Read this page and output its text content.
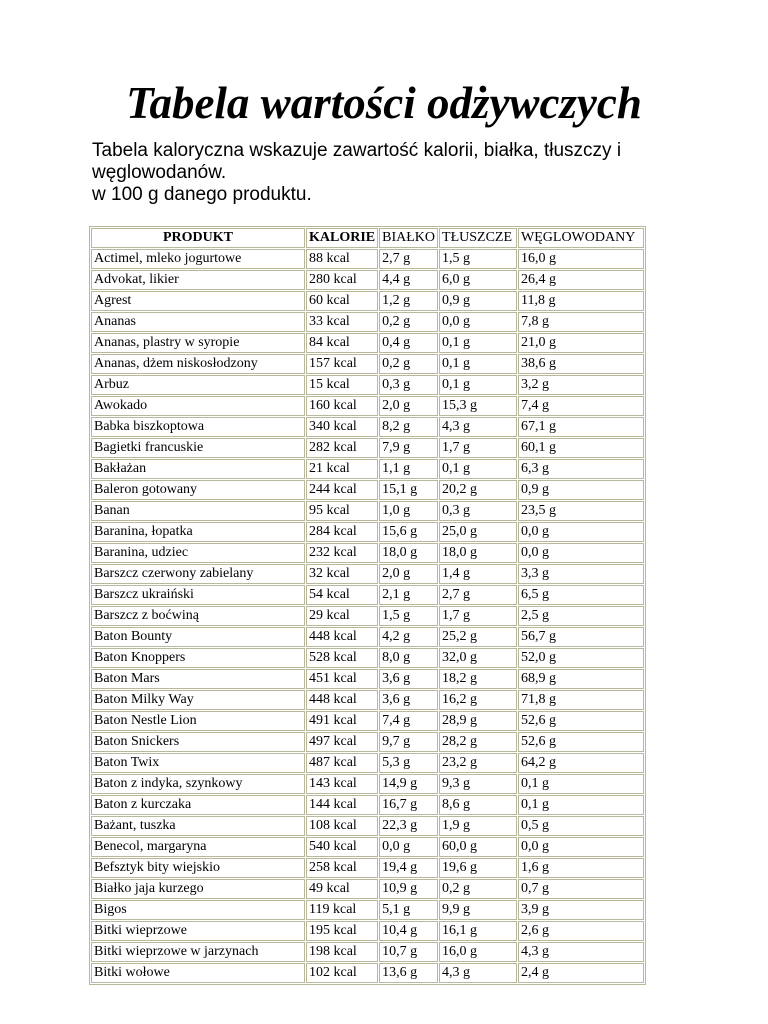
Tabela wartości odżywczych
Tabela kaloryczna wskazuje zawartość kalorii, białka, tłuszczy i
węglowodanów.
w 100 g danego produktu.
PRODUKT	KALORIE	BIAŁKO	TŁUSZCZE	WĘGLOWODANY
Actimel, mleko jogurtowe	88 kcal	2,7 g	1,5 g	16,0 g
Advokat, likier	280 kcal	4,4 g	6,0 g	26,4 g
Agrest	60 kcal	1,2 g	0,9 g	11,8 g
Ananas	33 kcal	0,2 g	0,0 g	7,8 g
Ananas, plastry w syropie	84 kcal	0,4 g	0,1 g	21,0 g
Ananas, dżem niskosłodzony	157 kcal	0,2 g	0,1 g	38,6 g
Arbuz	15 kcal	0,3 g	0,1 g	3,2 g
Awokado	160 kcal	2,0 g	15,3 g	7,4 g
Babka biszkoptowa	340 kcal	8,2 g	4,3 g	67,1 g
Bagietki francuskie	282 kcal	7,9 g	1,7 g	60,1 g
Bakłażan	21 kcal	1,1 g	0,1 g	6,3 g
Baleron gotowany	244 kcal	15,1 g	20,2 g	0,9 g
Banan	95 kcal	1,0 g	0,3 g	23,5 g
Baranina, łopatka	284 kcal	15,6 g	25,0 g	0,0 g
Baranina, udziec	232 kcal	18,0 g	18,0 g	0,0 g
Barszcz czerwony zabielany	32 kcal	2,0 g	1,4 g	3,3 g
Barszcz ukraiński	54 kcal	2,1 g	2,7 g	6,5 g
Barszcz z boćwiną	29 kcal	1,5 g	1,7 g	2,5 g
Baton Bounty	448 kcal	4,2 g	25,2 g	56,7 g
Baton Knoppers	528 kcal	8,0 g	32,0 g	52,0 g
Baton Mars	451 kcal	3,6 g	18,2 g	68,9 g
Baton Milky Way	448 kcal	3,6 g	16,2 g	71,8 g
Baton Nestle Lion	491 kcal	7,4 g	28,9 g	52,6 g
Baton Snickers	497 kcal	9,7 g	28,2 g	52,6 g
Baton Twix	487 kcal	5,3 g	23,2 g	64,2 g
Baton z indyka, szynkowy	143 kcal	14,9 g	9,3 g	0,1 g
Baton z kurczaka	144 kcal	16,7 g	8,6 g	0,1 g
Bażant, tuszka	108 kcal	22,3 g	1,9 g	0,5 g
Benecol, margaryna	540 kcal	0,0 g	60,0 g	0,0 g
Befsztyk bity wiejskio	258 kcal	19,4 g	19,6 g	1,6 g
Białko jaja kurzego	49 kcal	10,9 g	0,2 g	0,7 g
Bigos	119 kcal	5,1 g	9,9 g	3,9 g
Bitki wieprzowe	195 kcal	10,4 g	16,1 g	2,6 g
Bitki wieprzowe w jarzynach	198 kcal	10,7 g	16,0 g	4,3 g
Bitki wołowe	102 kcal	13,6 g	4,3 g	2,4 g
